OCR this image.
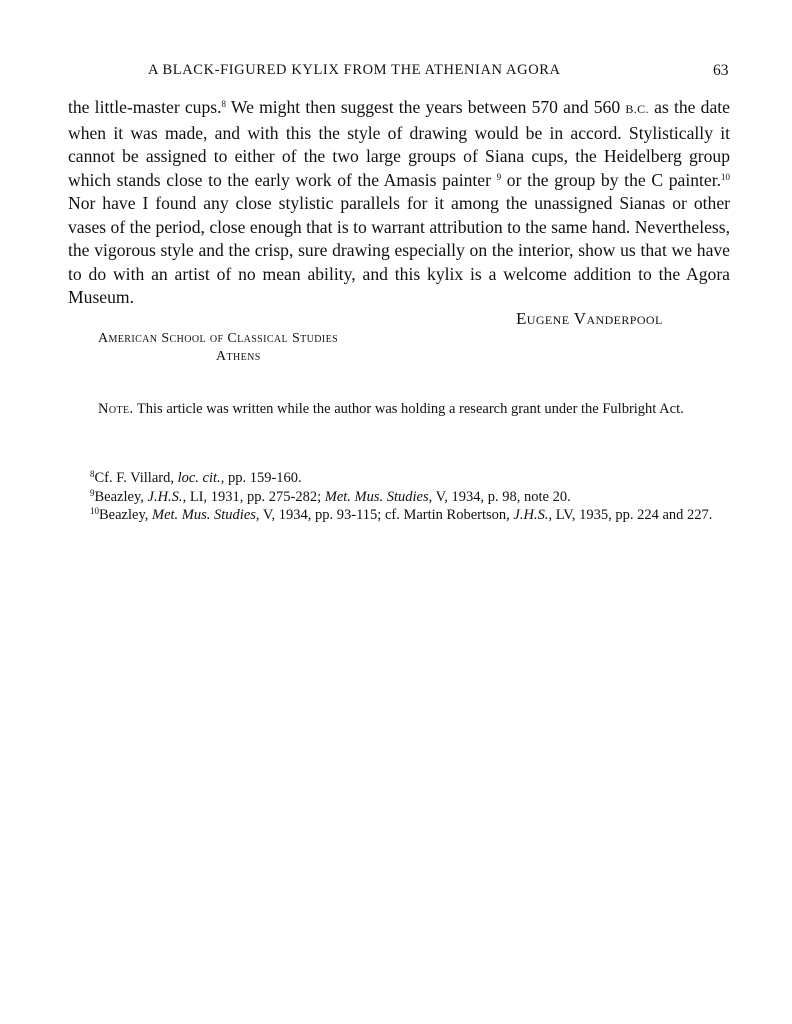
A BLACK-FIGURED KYLIX FROM THE ATHENIAN AGORA	63

the little-master cups.$^8$ We might then suggest the years between 570 and 560 B.C. as the date when it was made, and with this the style of drawing would be in accord. Stylistically it cannot be assigned to either of the two large groups of Siana cups, the Heidelberg group which stands close to the early work of the Amasis painter $^9$ or the group by the C painter.$^{10}$ Nor have I found any close stylistic parallels for it among the unassigned Sianas or other vases of the period, close enough that is to warrant attribution to the same hand. Nevertheless, the vigorous style and the crisp, sure drawing especially on the interior, show us that we have to do with an artist of no mean ability, and this kylix is a welcome addition to the Agora Museum.

Eugene Vanderpool
American School of Classical Studies
Athens

Note. This article was written while the author was holding a research grant under the Fulbright Act.

$^8$Cf. F. Villard, loc. cit., pp. 159-160.

$^9$Beazley, J.H.S., LI, 1931, pp. 275-282; Met. Mus. Studies, V, 1934, p. 98, note 20.

$^{10}$Beazley, Met. Mus. Studies, V, 1934, pp. 93-115; cf. Martin Robertson, J.H.S., LV, 1935, pp. 224 and 227.
